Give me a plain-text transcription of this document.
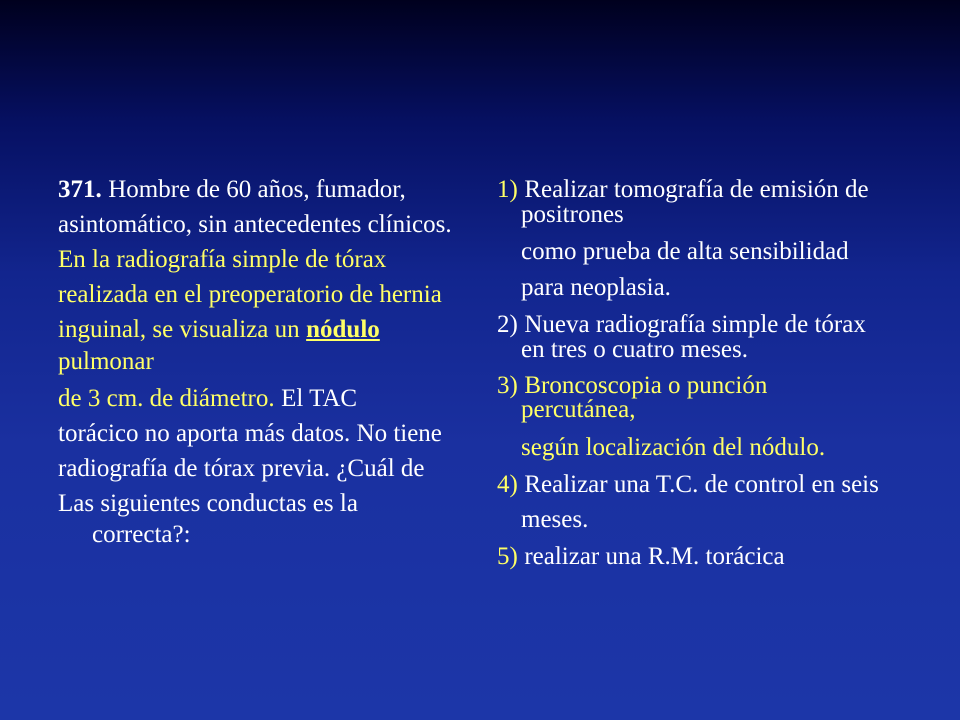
371. Hombre de 60 años, fumador,
asintomático, sin antecedentes clínicos.
En la radiografía simple de tórax
realizada en el preoperatorio de hernia
inguinal, se visualiza un nódulo
pulmonar
de 3 cm. de diámetro. El TAC
torácico no aporta más datos. No tiene
radiografía de tórax previa. ¿Cuál de
Las siguientes conductas es la
correcta?:
1) Realizar tomografía de emisión de
positrones
como prueba de alta sensibilidad
para neoplasia.
2) Nueva radiografía simple de tórax
en tres o cuatro meses.
3) Broncoscopia o punción
percutánea,
según localización del nódulo.
4) Realizar una T.C. de control en seis
meses.
5) realizar una R.M. torácica
